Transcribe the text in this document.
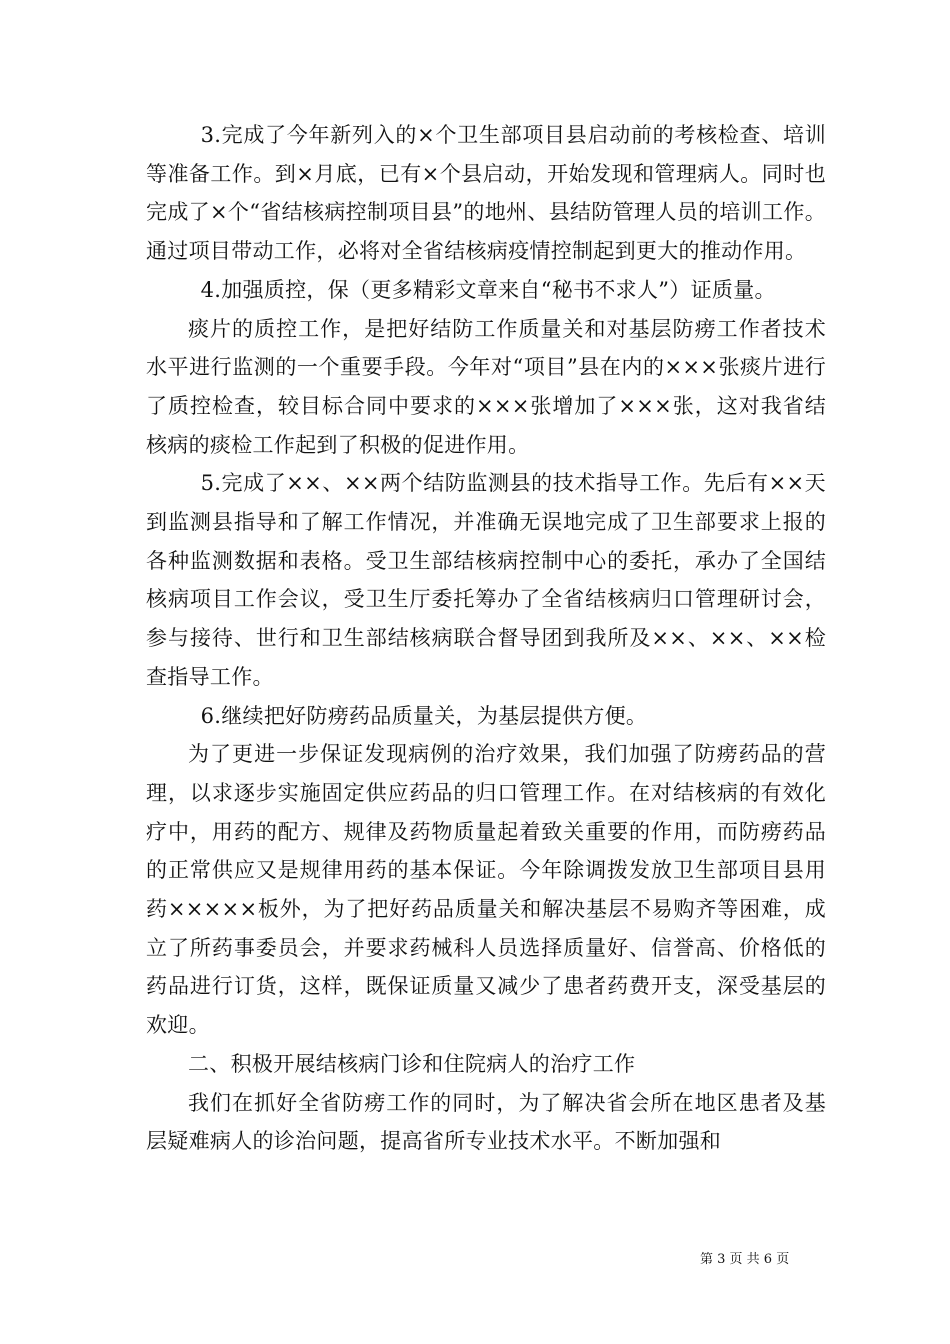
3.完成了今年新列入的×个卫生部项目县启动前的考核检查、培训等准备工作。到×月底，已有×个县启动，开始发现和管理病人。同时也完成了×个“省结核病控制项目县”的地州、县结防管理人员的培训工作。通过项目带动工作，必将对全省结核病疫情控制起到更大的推动作用。

4.加强质控，保（更多精彩文章来自“秘书不求人”）证质量。

痰片的质控工作，是把好结防工作质量关和对基层防痨工作者技术水平进行监测的一个重要手段。今年对“项目”县在内的×××张痰片进行了质控检查，较目标合同中要求的×××张增加了×××张，这对我省结核病的痰检工作起到了积极的促进作用。

5.完成了××、××两个结防监测县的技术指导工作。先后有××天到监测县指导和了解工作情况，并准确无误地完成了卫生部要求上报的各种监测数据和表格。受卫生部结核病控制中心的委托，承办了全国结核病项目工作会议，受卫生厅委托筹办了全省结核病归口管理研讨会，参与接待、世行和卫生部结核病联合督导团到我所及××、××、××检查指导工作。

6.继续把好防痨药品质量关，为基层提供方便。

为了更进一步保证发现病例的治疗效果，我们加强了防痨药品的营理，以求逐步实施固定供应药品的归口管理工作。在对结核病的有效化疗中，用药的配方、规律及药物质量起着致关重要的作用，而防痨药品的正常供应又是规律用药的基本保证。今年除调拨发放卫生部项目县用药×××××板外，为了把好药品质量关和解决基层不易购齐等困难，成立了所药事委员会，并要求药械科人员选择质量好、信誉高、价格低的药品进行订货，这样，既保证质量又减少了患者药费开支，深受基层的欢迎。

二、积极开展结核病门诊和住院病人的治疗工作

我们在抓好全省防痨工作的同时，为了解决省会所在地区患者及基层疑难病人的诊治问题，提高省所专业技术水平。不断加强和

第 3 页 共 6 页
